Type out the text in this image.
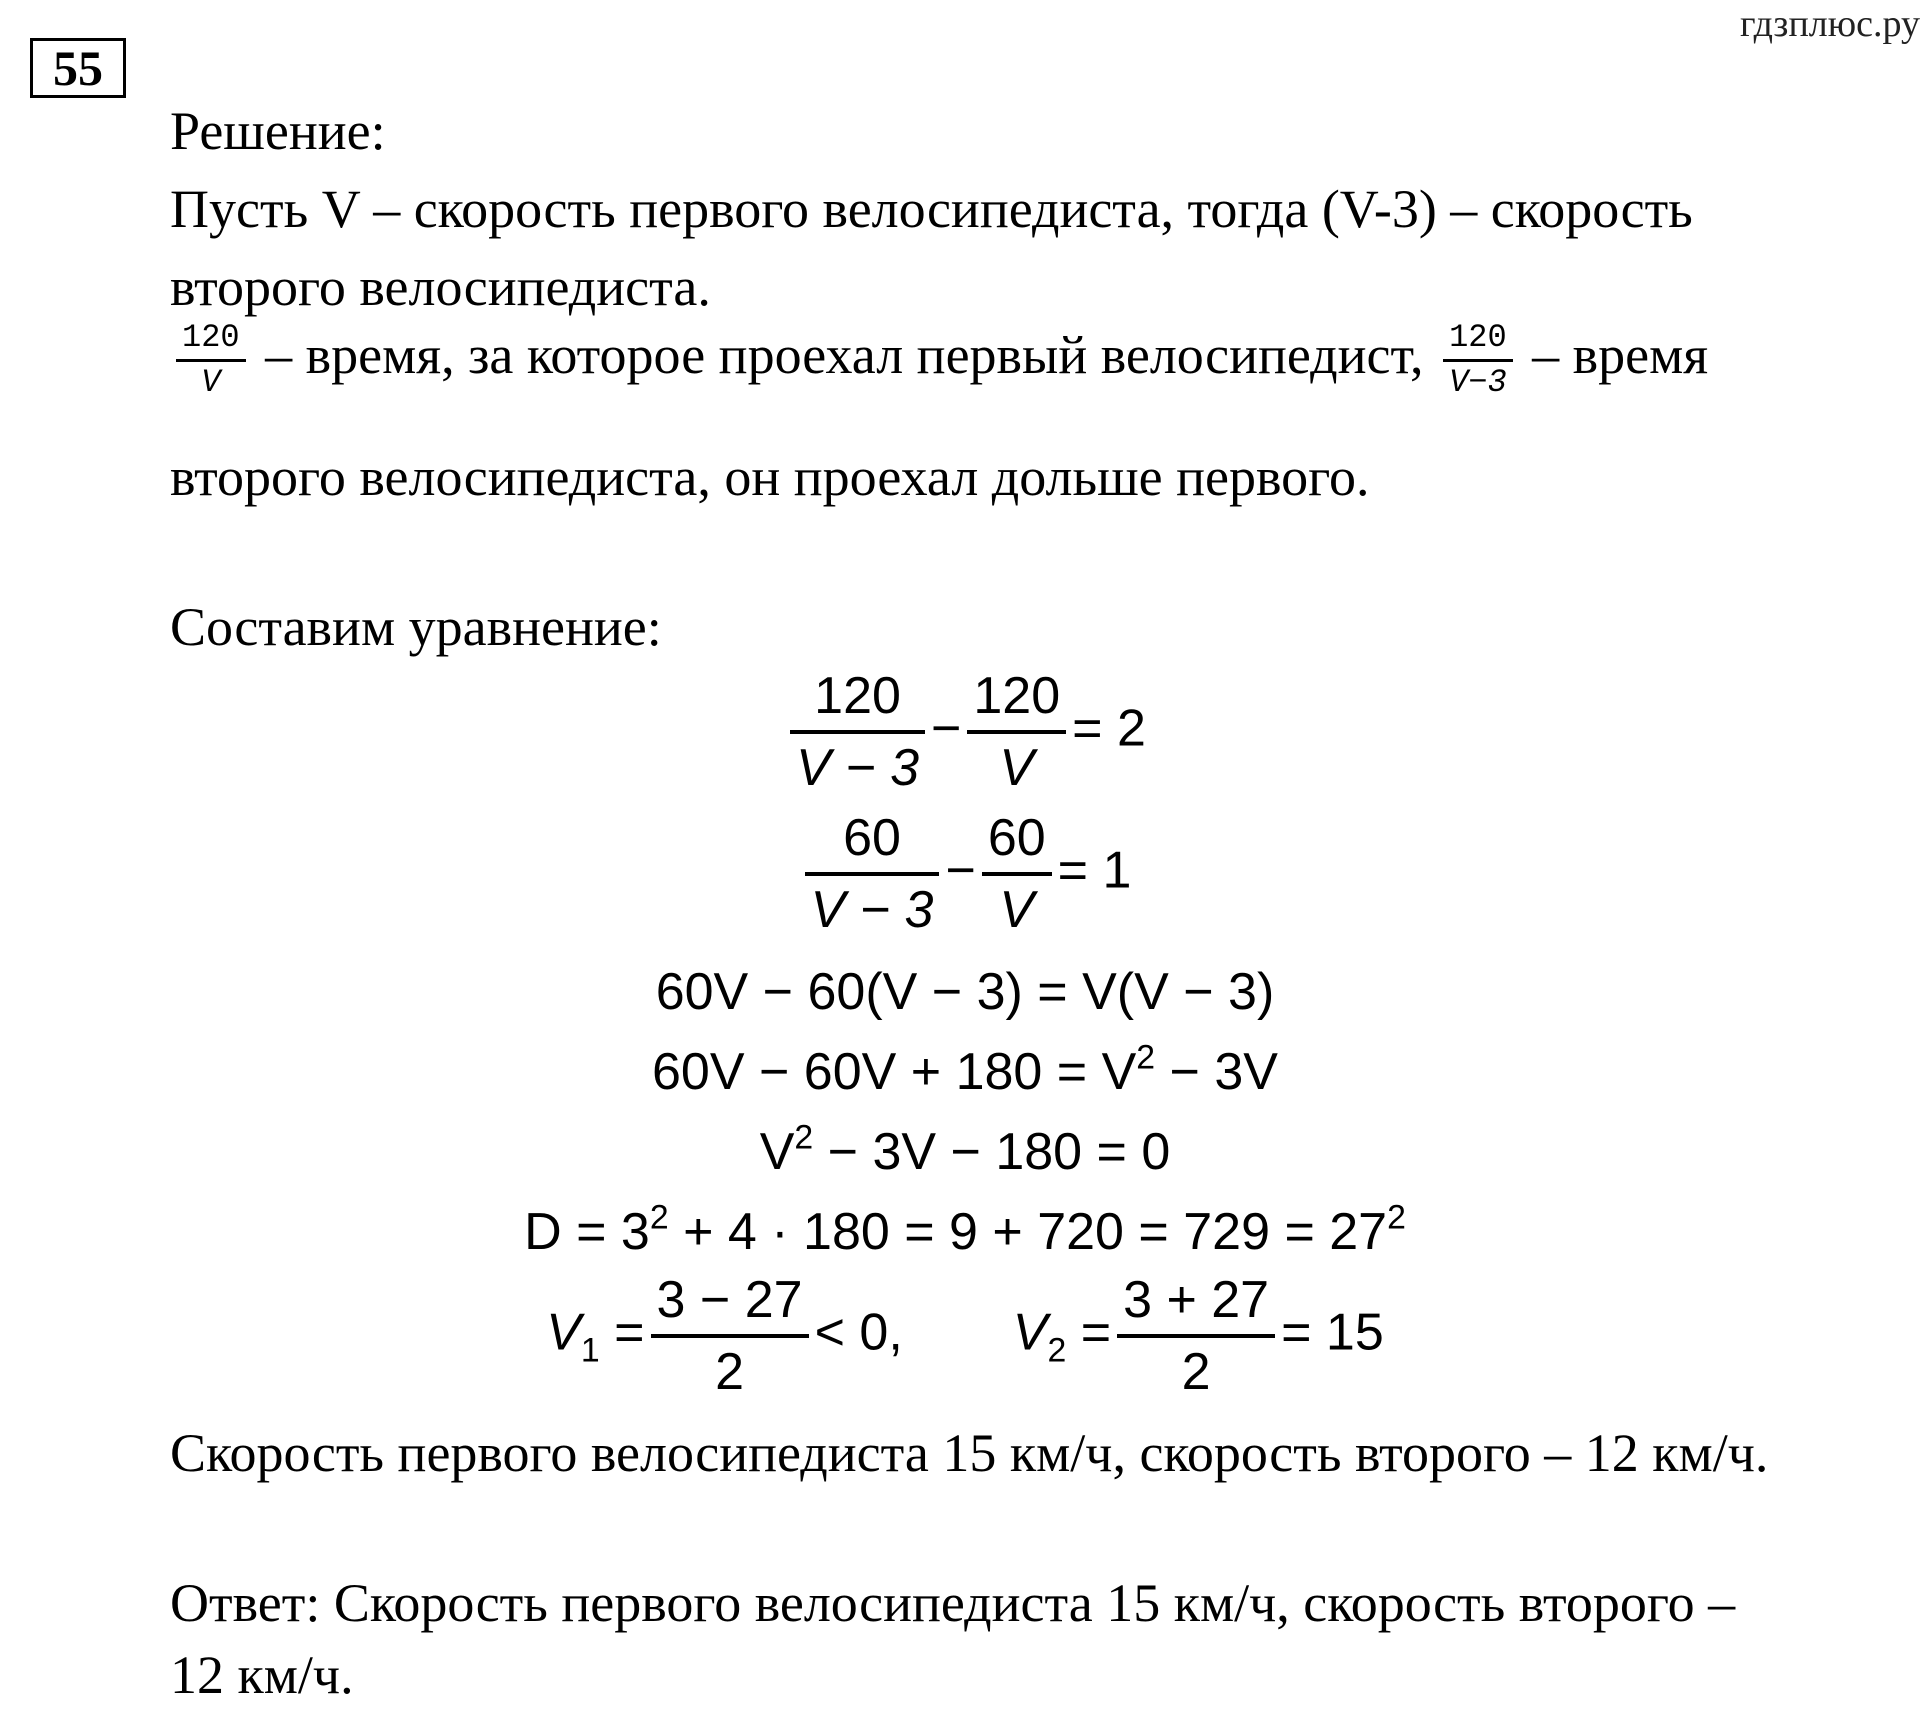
55
гдзплюс.ру
Решение:
Пусть V – скорость первого велосипедиста, тогда (V-3) – скорость
второго велосипедиста.
$\frac{120}{V}$ – время, за которое проехал первый велосипедист, $\frac{120}{V-3}$ – время
второго велосипедиста, он проехал дольше первого.
Составим уравнение:
$\frac{120}{V - 3} - \frac{120}{V} = 2$
$\frac{60}{V - 3} - \frac{60}{V} = 1$
60V − 60(V − 3) = V(V − 3)
$60V - 60V + 180 = V^2 - 3V$
$V^2 - 3V - 180 = 0$
$D = 3^2 + 4 \cdot 180 = 9 + 720 = 729 = 27^2$
$V_1 = \frac{3 - 27}{2} < 0$, $V_2 = \frac{3 + 27}{2} = 15$
Скорость первого велосипедиста 15 км/ч, скорость второго – 12 км/ч.
Ответ: Скорость первого велосипедиста 15 км/ч, скорость второго –
12 км/ч.
